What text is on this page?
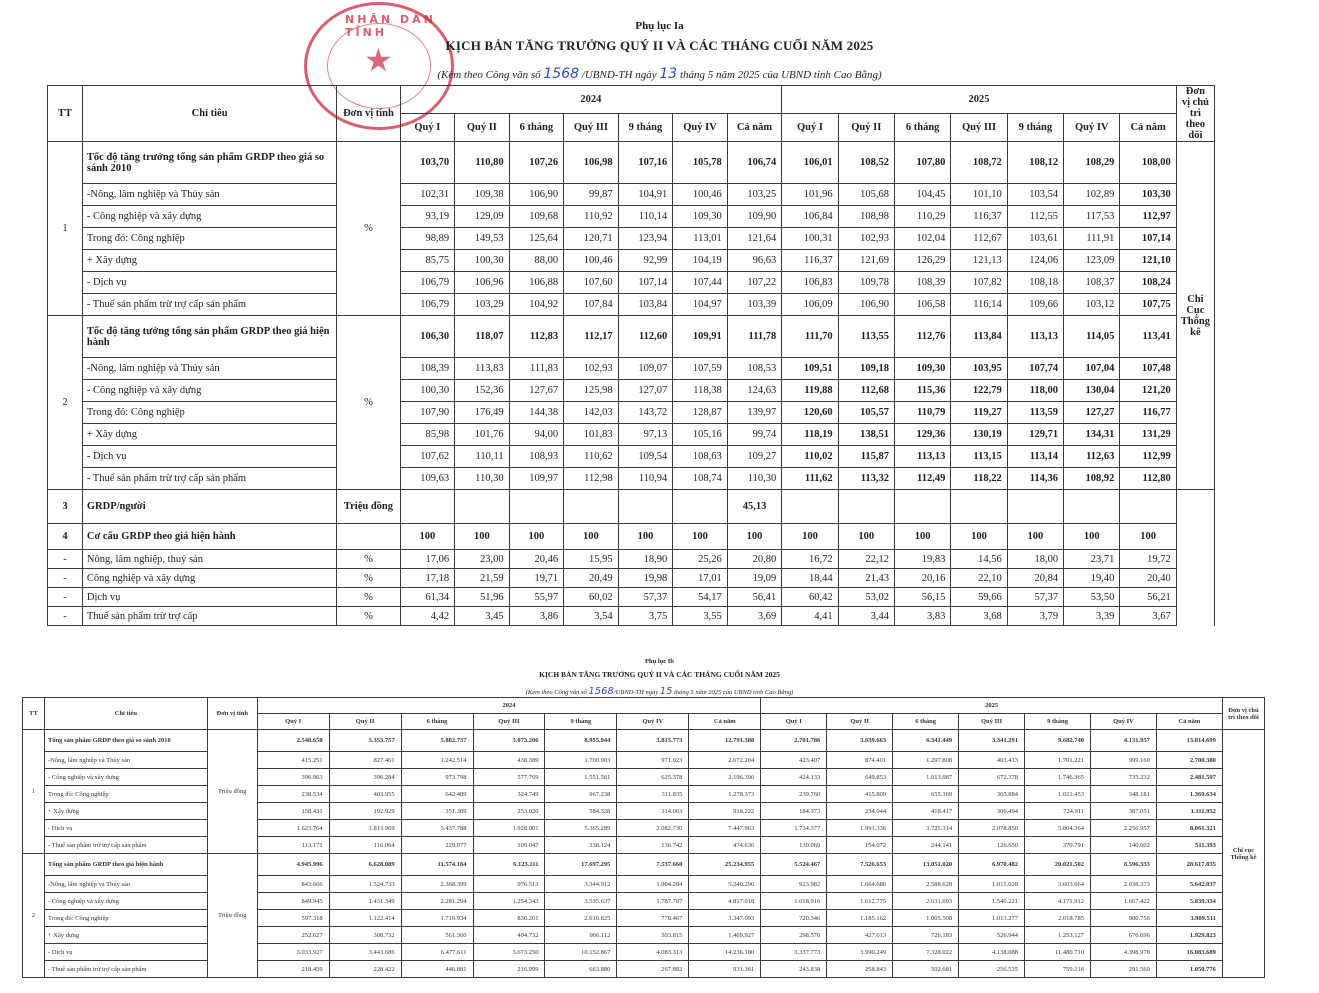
NHÂN DÂN TỈNH
★
Phụ lục Ia
KỊCH BẢN TĂNG TRƯỞNG QUÝ II VÀ CÁC THÁNG CUỐI NĂM 2025
(Kèm theo Công văn số 1568 /UBND-TH ngày 13 tháng 5 năm 2025 của UBND tỉnh Cao Bằng)
TT	Chỉ tiêu	Đơn vị tính	2024							2025							Đơn vị chủ trì theo dõi
			Quý I	Quý II	6 tháng	Quý III	9 tháng	Quý IV	Cả năm	Quý I	Quý II	6 tháng	Quý III	9 tháng	Quý IV	Cả năm	
1	Tốc độ tăng trưởng tổng sản phẩm GRDP theo giá so sánh 2010	%	103,70	110,80	107,26	106,98	107,16	105,78	106,74	106,01	108,52	107,80	108,72	108,12	108,29	108,00	Chi Cục Thống kê
	-Nông, lâm nghiệp và Thủy sản		102,31	109,38	106,90	99,87	104,91	100,46	103,25	101,96	105,68	104,45	101,10	103,54	102,89	103,30	
	- Công nghiệp và xây dựng		93,19	129,09	109,68	110,92	110,14	109,30	109,90	106,84	108,98	110,29	116,37	112,55	117,53	112,97	
	Trong đó: Công nghiệp		98,89	149,53	125,64	120,71	123,94	113,01	121,64	100,31	102,93	102,04	112,67	103,61	111,91	107,14	
	+ Xây dựng		85,75	100,30	88,00	100,46	92,99	104,19	96,63	116,37	121,69	126,29	121,13	124,06	123,09	121,10	
	- Dịch vụ		106,79	106,96	106,88	107,60	107,14	107,44	107,22	106,83	109,78	108,39	107,82	108,18	108,37	108,24	
	- Thuế sản phẩm trừ trợ cấp sản phẩm		106,79	103,29	104,92	107,84	103,84	104,97	103,39	106,09	106,90	106,58	116,14	109,66	103,12	107,75	
2	Tốc độ tăng tưởng tổng sản phẩm GRDP theo giá hiện hành	%	106,30	118,07	112,83	112,17	112,60	109,91	111,78	111,70	113,55	112,76	113,84	113,13	114,05	113,41	
	-Nông, lâm nghiệp và Thủy sản		108,39	113,83	111,83	102,93	109,07	107,59	108,53	109,51	109,18	109,30	103,95	107,74	107,04	107,48	
	- Công nghiệp và xây dựng		100,30	152,36	127,67	125,98	127,07	118,38	124,63	119,88	112,68	115,36	122,79	118,00	130,04	121,20	
	Trong đó: Công nghiệp		107,90	176,49	144,38	142,03	143,72	128,87	139,97	120,60	105,57	110,79	119,27	113,59	127,27	116,77	
	+ Xây dựng		85,98	101,76	94,00	101,83	97,13	105,16	99,74	118,19	138,51	129,36	130,19	129,71	134,31	131,29	
	- Dịch vụ		107,62	110,11	108,93	110,62	109,54	108,63	109,27	110,02	115,87	113,13	113,15	113,14	112,63	112,99	
	- Thuế sản phẩm trừ trợ cấp sản phẩm		109,63	110,30	109,97	112,98	110,94	108,74	110,30	111,62	113,32	112,49	118,22	114,36	108,92	112,80	
3	GRDP/người	Triệu đồng							45,13								
4	Cơ cấu GRDP theo giá hiện hành		100	100	100	100	100	100	100	100	100	100	100	100	100	100	
-	Nông, lâm nghiệp, thuỷ sản	%	17,06	23,00	20,46	15,95	18,90	25,26	20,80	16,72	22,12	19,83	14,56	18,00	23,71	19,72	
-	Công nghiệp và xây dựng	%	17,18	21,59	19,71	20,49	19,98	17,01	19,09	18,44	21,43	20,16	22,10	20,84	19,40	20,40	
-	Dịch vụ	%	61,34	51,96	55,97	60,02	57,37	54,17	56,41	60,42	53,02	56,15	59,66	57,37	53,50	56,21	
-	Thuế sản phẩm trừ trợ cấp	%	4,42	3,45	3,86	3,54	3,75	3,55	3,69	4,41	3,44	3,83	3,68	3,79	3,39	3,67	
Phụ lục Ib
KỊCH BẢN TĂNG TRƯỞNG QUÝ II VÀ CÁC THÁNG CUỐI NĂM 2025
(Kèm theo Công văn số 1568/UBND-TH ngày 15 tháng 5 năm 2025 của UBND tỉnh Cao Bằng)
TT	Chỉ tiêu	Đơn vị tính	2024							2025							Đơn vị chủ trì theo dõi
			Quý I	Quý II	6 tháng	Quý III	9 tháng	Quý IV	Cả năm	Quý I	Quý II	6 tháng	Quý III	9 tháng	Quý IV	Cả năm	
1	Tổng sản phẩm GRDP theo giá so sánh 2010	Triệu đồng	2.548.658	3.353.757	5.882.737	3.073.206	8.955.944	3.815.773	12.791.388	2.701.786	3.639.663	6.341.449	3.341.291	9.682.740	4.131.957	13.814.699	Chi cục Thống kê
	-Nông, lâm nghiệp và Thủy sản		415.251	827.461	1.242.514	438.389	1.700.903	971.023	2.672.204	423.407	874.401	1.297.808	403.413	1.701.221	999.160	2.700.380	
	- Công nghiệp và xây dựng		396.963	396.284	973.798	577.769	1.551.561	625.378	2.196.396	424.133	649.853	1.013.987	672.378	1.746.365	735.232	2.481.597	
	Trong đó: Công nghiệp		238.534	403.955	642.489	324.749	967.238	311.835	1.278.373	239.760	415.809	655.369	365.884	1.021.453	348.181	1.369.634	
	+ Xây dựng		158.431	192.929	351.309	253.020	584.328	314.063	918.222	184.373	234.044	418.417	306.494	724.911	387.051	1.111.952	
	- Dịch vụ		1.623.764	1.813.969	3.437.788	1.928.001	5.365.289	2.082.730	7.447.963	1.734.377	1.991.336	3.725.314	2.078.850	5.804.364	2.256.957	8.061.321	
	- Thuế sản phẩm trừ trợ cấp sản phẩm		113.171	116.064	229.077	109.047	338.124	136.742	474.636	130.069	154.072	244.141	126.650	370.791	140.602	511.393	
2	Tổng sản phẩm GRDP theo giá hiện hành	Triệu đồng	4.945.996	6.628.089	11.574.184	6.123.111	17.697.295	7.537.660	25.234.955	5.524.467	7.526.653	13.051.020	6.970.482	20.021.502	8.596.333	28.617.835	
	-Nông, lâm nghiệp và Thủy sản		843.666	1.524.733	2.368.399	976.513	3.344.912	1.904.284	5.249.296	923.982	1.664.686	2.588.628	1.015.028	3.603.664	2.038.373	5.642.037	
	- Công nghiệp và xây dựng		849.945	1.431.349	2.281.294	1.254.343	3.535.637	1.787.787	4.817.018	1.018.916	1.612.775	2.631.693	1.540.221	4.171.912	1.667.422	5.839.334	
	Trong đó: Công nghiệp		597.318	1.122.414	1.719.934	830.201	2.610.825	778.467	3.347.093	720.346	1.185.162	1.005.508	1.013.277	2.018.785	900.756	3.909.511	
	+ Xây dựng		252.627	308.732	561.360	404.732	966.112	503.815	1.469.927	298.570	427.613	726.183	526.944	1.253.127	676.696	1.929.823	
	- Dịch vụ		3.033.927	3.443.686	6.477.611	3.673.250	10.152.867	4.083.313	14.236.180	3.337.773	3.990.249	7.328.022	4.138.088	11.480.710	4.398.978	16.083.689	
	- Thuế sản phẩm trừ trợ cấp sản phẩm		218.459	228.422	446.881	216.999	663.880	267.882	931.361	243.838	258.843	502.681	256.535	759.216	291.560	1.050.776	
